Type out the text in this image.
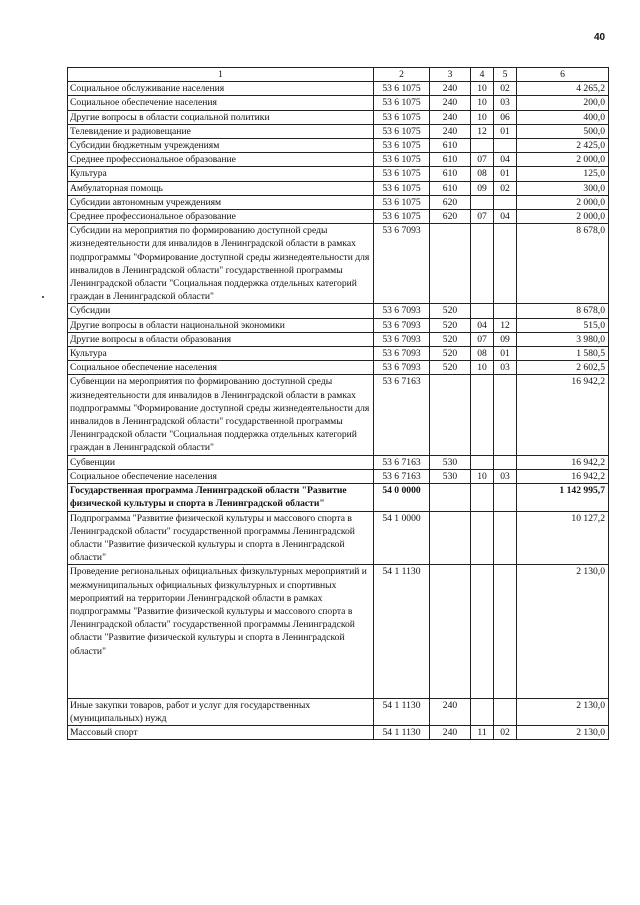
40
1	2	3	4	5	6
Социальное обслуживание населения	53 6 1075	240	10	02	4 265,2
Социальное обеспечение населения	53 6 1075	240	10	03	200,0
Другие вопросы в области социальной политики	53 6 1075	240	10	06	400,0
Телевидение и радиовещание	53 6 1075	240	12	01	500,0
Субсидии бюджетным учреждениям	53 6 1075	610			2 425,0
Среднее профессиональное образование	53 6 1075	610	07	04	2 000,0
Культура	53 6 1075	610	08	01	125,0
Амбулаторная помощь	53 6 1075	610	09	02	300,0
Субсидии автономным учреждениям	53 6 1075	620			2 000,0
Среднее профессиональное образование	53 6 1075	620	07	04	2 000,0
Субсидии на мероприятия по формированию доступной среды жизнедеятельности для инвалидов в Ленинградской области в рамках подпрограммы "Формирование доступной среды жизнедеятельности для инвалидов в Ленинградской области" государственной программы Ленинградской области "Социальная поддержка отдельных категорий граждан в Ленинградской области"	53 6 7093				8 678,0
Субсидии	53 6 7093	520			8 678,0
Другие вопросы в области национальной экономики	53 6 7093	520	04	12	515,0
Другие вопросы в области образования	53 6 7093	520	07	09	3 980,0
Культура	53 6 7093	520	08	01	1 580,5
Социальное обеспечение населения	53 6 7093	520	10	03	2 602,5
Субвенции на мероприятия по формированию доступной среды жизнедеятельности для инвалидов в Ленинградской области в рамках подпрограммы "Формирование доступной среды жизнедеятельности для инвалидов в Ленинградской области" государственной программы Ленинградской области "Социальная поддержка отдельных категорий граждан в Ленинградской области"	53 6 7163				16 942,2
Субвенции	53 6 7163	530			16 942,2
Социальное обеспечение населения	53 6 7163	530	10	03	16 942,2
Государственная программа Ленинградской области "Развитие физической культуры и спорта в Ленинградской области"	54 0 0000				1 142 995,7
Подпрограмма "Развитие физической культуры и массового спорта в Ленинградской области" государственной программы Ленинградской области "Развитие физической культуры и спорта в Ленинградской области"	54 1 0000				10 127,2
Проведение региональных официальных физкультурных мероприятий и межмуниципальных официальных физкультурных и спортивных мероприятий на территории Ленинградской области в рамках подпрограммы "Развитие физической культуры и массового спорта в Ленинградской области" государственной программы Ленинградской области "Развитие физической культуры и спорта в Ленинградской области"	54 1 1130				2 130,0
Иные закупки товаров, работ и услуг для государственных (муниципальных) нужд	54 1 1130	240			2 130,0
Массовый спорт	54 1 1130	240	11	02	2 130,0
